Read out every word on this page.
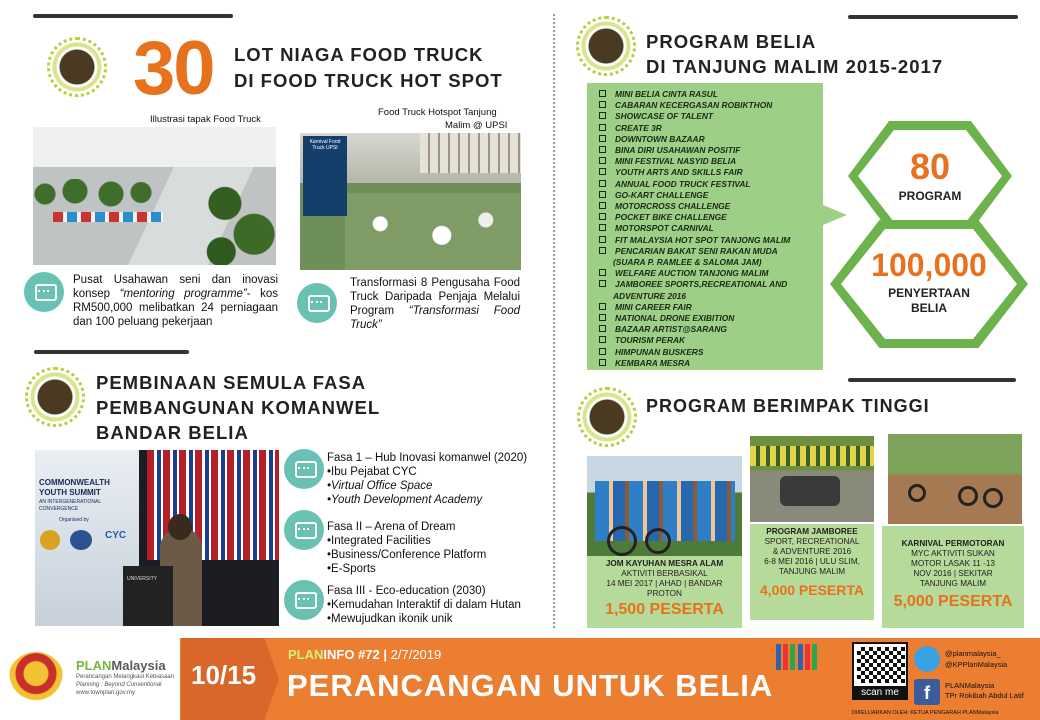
30 LOT NIAGA FOOD TRUCK
DI FOOD TRUCK HOT SPOT
Illustrasi tapak Food Truck
Food Truck Hotspot Tanjung
Malim @ UPSI
Karnival Food Truck UPSI
Pusat Usahawan seni dan inovasi konsep “mentoring programme”- kos RM500,000 melibatkan 24 perniagaan dan 100 peluang pekerjaan
Transformasi 8 Pengusaha Food Truck Daripada Penjaja Melalui Program “Transformasi Food Truck”
PEMBINAAN SEMULA FASA
PEMBANGUNAN KOMANWEL
BANDAR BELIA
COMMONWEALTH
YOUTH SUMMIT
AN INTERGENERATIONAL
CONVERGENCE
Organised by
CYC
UNIVERSITY
Fasa 1 – Hub Inovasi komanwel (2020)
•Ibu Pejabat CYC
•Virtual Office Space
•Youth Development Academy
Fasa II – Arena of Dream
•Integrated Facilities
•Business/Conference Platform
•E-Sports
Fasa III - Eco-education (2030)
•Kemudahan Interaktif di dalam Hutan
•Mewujudkan ikonik unik
PROGRAM BELIA
DI TANJUNG MALIM 2015-2017
MINI BELIA CINTA RASUL
CABARAN KECERGASAN ROBIKTHON
SHOWCASE OF TALENT
CREATE 3R
DOWNTOWN BAZAAR
BINA DIRI USAHAWAN POSITIF
MINI FESTIVAL NASYID BELIA
YOUTH ARTS AND SKILLS FAIR
ANNUAL FOOD TRUCK FESTIVAL
GO-KART CHALLENGE
MOTORCROSS CHALLENGE
POCKET BIKE CHALLENGE
MOTORSPOT CARNIVAL
FIT MALAYSIA HOT SPOT TANJONG MALIM
PENCARIAN BAKAT SENI RAKAN MUDA
(SUARA P. RAMLEE & SALOMA JAM)
WELFARE AUCTION TANJONG MALIM
JAMBOREE SPORTS,RECREATIONAL AND
ADVENTURE 2016
MINI CAREER FAIR
NATIONAL DRONE EXIBITION
BAZAAR ARTIST@SARANG
TOURISM PERAK
HIMPUNAN BUSKERS
KEMBARA MESRA
80
PROGRAM
100,000
PENYERTAAN
BELIA
PROGRAM BERIMPAK TINGGI
JOM KAYUHAN MESRA ALAM
AKTIVITI BERBASIKAL
14 MEI 2017 | AHAD | BANDAR
PROTON
1,500 PESERTA
PROGRAM JAMBOREE
SPORT, RECREATIONAL
& ADVENTURE 2016
6-8 MEI 2016 | ULU SLIM,
TANJUNG MALIM
4,000 PESERTA
KARNIVAL PERMOTORAN
MYC AKTIVITI SUKAN
MOTOR LASAK 11 -13
NOV 2016 | SEKITAR
TANJUNG MALIM
5,000 PESERTA
PLANMalaysia
Perancangan Melangkaui Kebiasaan
Planning : Beyond Conventional
www.townplan.gov.my
10/15
PLANINFO #72 | 2/7/2019
PERANCANGAN UNTUK BELIA	scan me
@planmalaysia_
@KPPlanMalaysia
f	PLANMalaysia
TPr Rokibah Abdul Latif
DIKELUARKAN OLEH: KETUA PENGARAH PLANMalaysia
